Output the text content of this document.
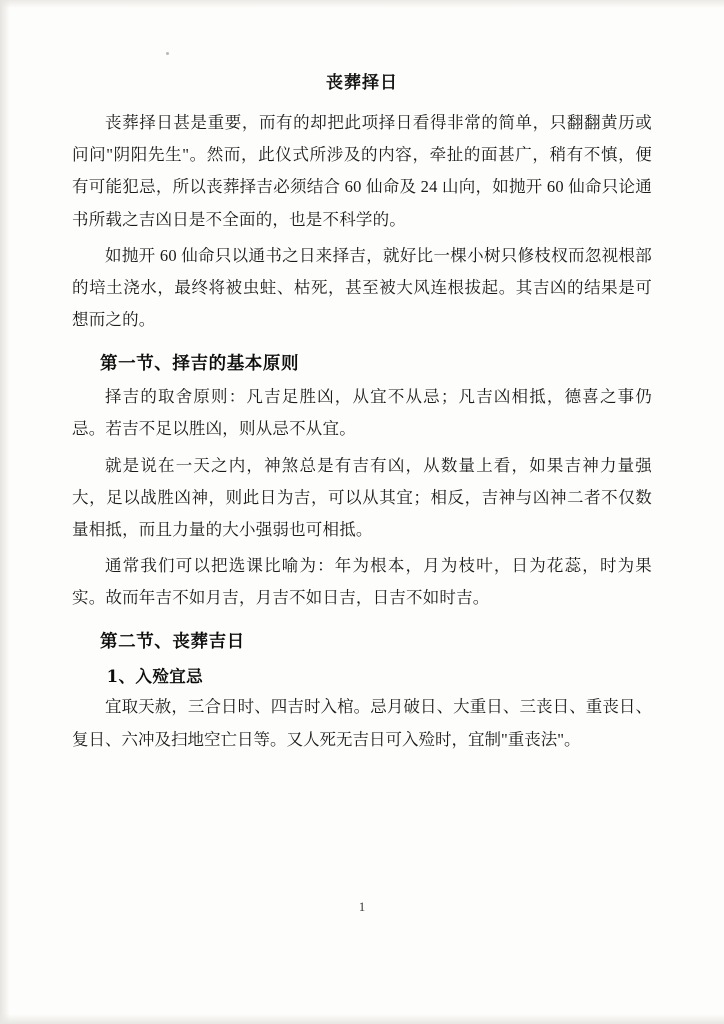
丧葬择日

丧葬择日甚是重要，而有的却把此项择日看得非常的简单，只翻翻黄历或问问"阴阳先生"。然而，此仪式所涉及的内容，牵扯的面甚广，稍有不慎，便有可能犯忌，所以丧葬择吉必须结合 60 仙命及 24 山向，如抛开 60 仙命只论通书所载之吉凶日是不全面的，也是不科学的。

如抛开 60 仙命只以通书之日来择吉，就好比一棵小树只修枝杈而忽视根部的培土浇水，最终将被虫蛀、枯死，甚至被大风连根拔起。其吉凶的结果是可想而之的。

第一节、择吉的基本原则

择吉的取舍原则：凡吉足胜凶，从宜不从忌；凡吉凶相抵，德喜之事仍忌。若吉不足以胜凶，则从忌不从宜。

就是说在一天之内，神煞总是有吉有凶，从数量上看，如果吉神力量强大，足以战胜凶神，则此日为吉，可以从其宜；相反，吉神与凶神二者不仅数量相抵，而且力量的大小强弱也可相抵。

通常我们可以把选课比喻为：年为根本，月为枝叶，日为花蕊，时为果实。故而年吉不如月吉，月吉不如日吉，日吉不如时吉。

第二节、丧葬吉日
1、入殓宜忌

宜取天赦，三合日时、四吉时入棺。忌月破日、大重日、三丧日、重丧日、复日、六冲及扫地空亡日等。又人死无吉日可入殓时，宜制"重丧法"。

1
